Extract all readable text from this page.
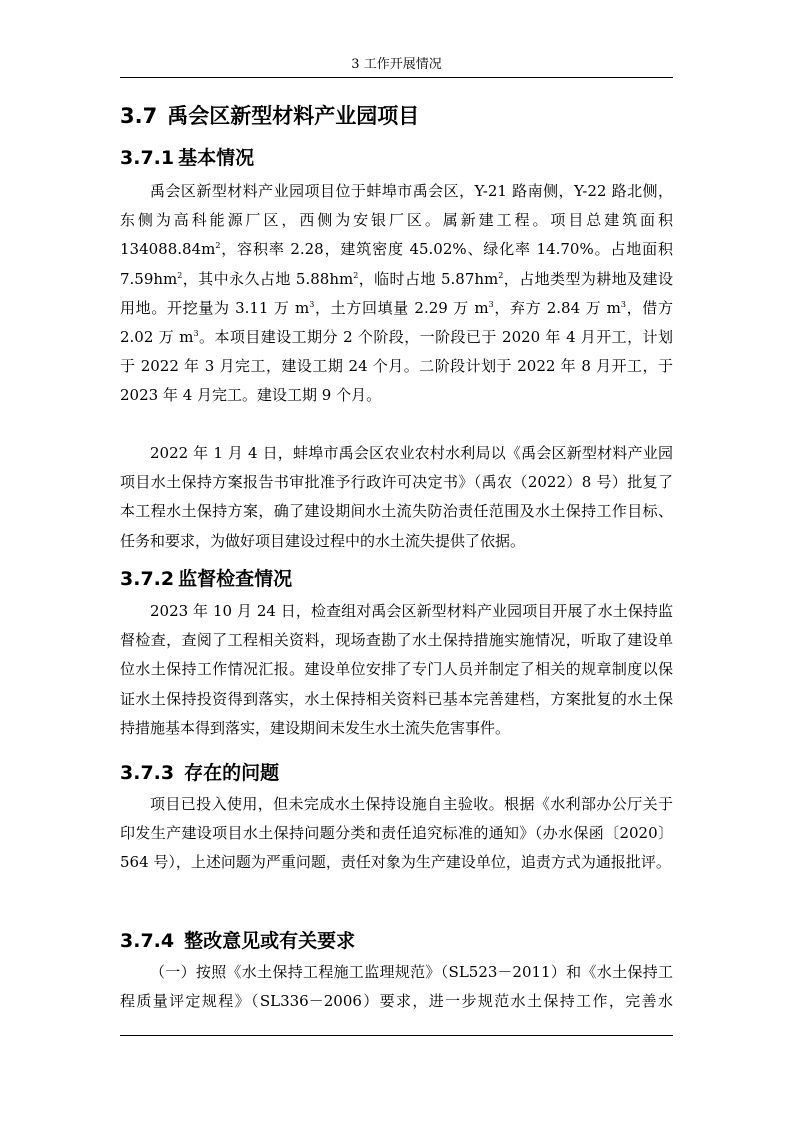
3 工作开展情况
3.7 禹会区新型材料产业园项目
3.7.1 基本情况

禹会区新型材料产业园项目位于蚌埠市禹会区，Y-21 路南侧，Y-22 路北侧，东侧为高科能源厂区，西侧为安银厂区。属新建工程。项目总建筑面积 $134088.84m^2$，容积率 2.28，建筑密度 45.02%、绿化率 14.70%。占地面积 $7.59hm^2$，其中永久占地 $5.88hm^2$，临时占地 $5.87hm^2$，占地类型为耕地及建设用地。开挖量为 3.11 万 $m^3$，土方回填量 2.29 万 $m^3$，弃方 2.84 万 $m^3$，借方 2.02 万 $m^3$。本项目建设工期分 2 个阶段，一阶段已于 2020 年 4 月开工，计划于 2022 年 3 月完工，建设工期 24 个月。二阶段计划于 2022 年 8 月开工，于 2023 年 4 月完工。建设工期 9 个月。

2022 年 1 月 4 日，蚌埠市禹会区农业农村水利局以《禹会区新型材料产业园项目水土保持方案报告书审批准予行政许可决定书》（禹农（2022）8 号）批复了本工程水土保持方案，确了建设期间水土流失防治责任范围及水土保持工作目标、任务和要求，为做好项目建设过程中的水土流失提供了依据。

3.7.2 监督检查情况

2023 年 10 月 24 日，检查组对禹会区新型材料产业园项目开展了水土保持监督检查，查阅了工程相关资料，现场查勘了水土保持措施实施情况，听取了建设单位水土保持工作情况汇报。建设单位安排了专门人员并制定了相关的规章制度以保证水土保持投资得到落实，水土保持相关资料已基本完善建档，方案批复的水土保持措施基本得到落实，建设期间未发生水土流失危害事件。

3.7.3 存在的问题

项目已投入使用，但未完成水土保持设施自主验收。根据《水利部办公厅关于印发生产建设项目水土保持问题分类和责任追究标准的通知》（办水保函〔2020〕564 号），上述问题为严重问题，责任对象为生产建设单位，追责方式为通报批评。

3.7.4 整改意见或有关要求

（一）按照《水土保持工程施工监理规范》（SL523－2011）和《水土保持工程质量评定规程》（SL336－2006）要求，进一步规范水土保持工作，完善水
